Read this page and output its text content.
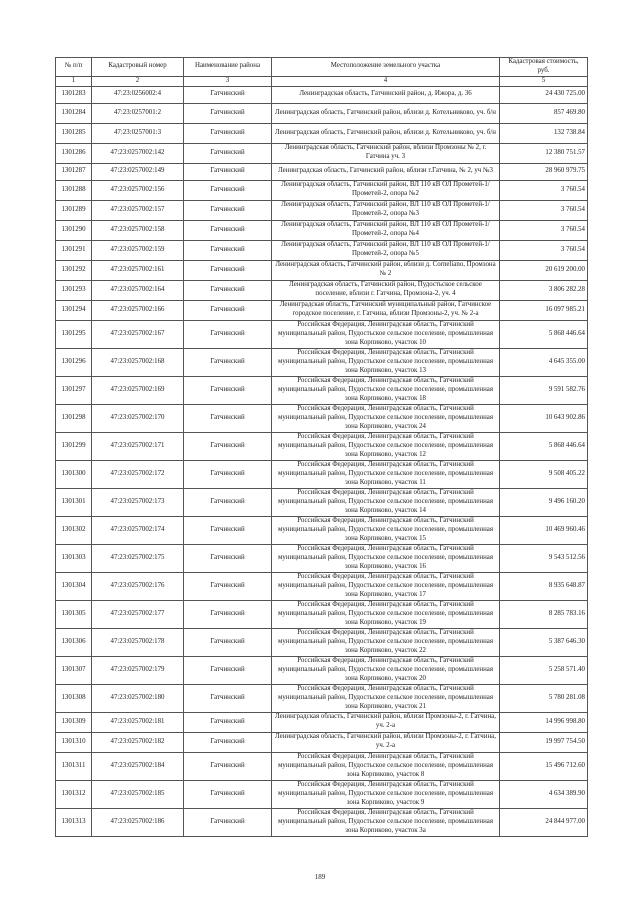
№ п/п	Кадастровый номер	Наименование района	Местоположение земельного участка	Кадастровая стоимость, руб.
1	2	3	4	5
1301283	47:23:0256002:4	Гатчинский	Ленинградская область, Гатчинский район, д. Ижора, д. 36	24 430 725.00
1301284	47:23:0257001:2	Гатчинский	Ленинградская область, Гатчинский район, вблизи д. Котельниково, уч. б/н	857 469.80
1301285	47:23:0257001:3	Гатчинский	Ленинградская область, Гатчинский район, вблизи д. Котельниково, уч. б/н	132 738.84
1301286	47:23:0257002:142	Гатчинский	Ленинградская область, Гатчинский район, вблизи Промзоны № 2, г. Гатчина уч. 3	12 380 751.57
1301287	47:23:0257002:149	Гатчинский	Ленинградская область, Гатчинский район, вблизи г.Гатчина, № 2, уч №3	28 960 979.75
1301288	47:23:0257002:156	Гатчинский	Ленинградская область, Гатчинский район, ВЛ 110 кВ ОЛ Прометей-1/Прометей-2, опора №2	3 760.54
1301289	47:23:0257002:157	Гатчинский	Ленинградская область, Гатчинский район, ВЛ 110 кВ ОЛ Прометей-1/Прометей-2, опора №3	3 760.54
1301290	47:23:0257002:158	Гатчинский	Ленинградская область, Гатчинский район, ВЛ 110 кВ ОЛ Прометей-1/Прометей-2, опора №4	3 760.54
1301291	47:23:0257002:159	Гатчинский	Ленинградская область, Гатчинский район, ВЛ 110 кВ ОЛ Прометей-1/Прометей-2, опора №5	3 760.54
1301292	47:23:0257002:161	Гатчинский	Ленинградская область, Гатчинский район, вблизи д. Corneliano, Промзона № 2	20 619 200.00
1301293	47:23:0257002:164	Гатчинский	Ленинградская область, Гатчинский район, Пудостьское сельское поселение, вблизи г. Гатчина, Промзона-2, уч. 4	3 806 282.28
1301294	47:23:0257002:166	Гатчинский	Ленинградская область, Гатчинский муниципальный район, Гатчинское городское поселение, г. Гатчина, вблизи Промзоны-2, уч. № 2-а	16 097 985.21
1301295	47:23:0257002:167	Гатчинский	Российская Федерация, Ленинградская область, Гатчинский муниципальный район, Пудостьское сельское поселение, промышленная зона Корпиково, участок 10	5 868 446.64
1301296	47:23:0257002:168	Гатчинский	Российская Федерация, Ленинградская область, Гатчинский муниципальный район, Пудостьское сельское поселение, промышленная зона Корпиково, участок 13	4 645 355.00
1301297	47:23:0257002:169	Гатчинский	Российская Федерация, Ленинградская область, Гатчинский муниципальный район, Пудостьское сельское поселение, промышленная зона Корпиково, участок 18	9 591 582.76
1301298	47:23:0257002:170	Гатчинский	Российская Федерация, Ленинградская область, Гатчинский муниципальный район, Пудостьское сельское поселение, промышленная зона Корпиково, участок 24	10 643 902.86
1301299	47:23:0257002:171	Гатчинский	Российская Федерация, Ленинградская область, Гатчинский муниципальный район, Пудостьское сельское поселение, промышленная зона Корпиково, участок 12	5 868 446.64
1301300	47:23:0257002:172	Гатчинский	Российская Федерация, Ленинградская область, Гатчинский муниципальный район, Пудостьское сельское поселение, промышленная зона Корпиково, участок 11	9 508 405.22
1301301	47:23:0257002:173	Гатчинский	Российская Федерация, Ленинградская область, Гатчинский муниципальный район, Пудостьское сельское поселение, промышленная зона Корпиково, участок 14	9 496 160.20
1301302	47:23:0257002:174	Гатчинский	Российская Федерация, Ленинградская область, Гатчинский муниципальный район, Пудостьское сельское поселение, промышленная зона Корпиково, участок 15	10 469 960.46
1301303	47:23:0257002:175	Гатчинский	Российская Федерация, Ленинградская область, Гатчинский муниципальный район, Пудостьское сельское поселение, промышленная зона Корпиково, участок 16	9 543 512.56
1301304	47:23:0257002:176	Гатчинский	Российская Федерация, Ленинградская область, Гатчинский муниципальный район, Пудостьское сельское поселение, промышленная зона Корпиково, участок 17	8 935 648.87
1301305	47:23:0257002:177	Гатчинский	Российская Федерация, Ленинградская область, Гатчинский муниципальный район, Пудостьское сельское поселение, промышленная зона Корпиково, участок 19	8 285 783.16
1301306	47:23:0257002:178	Гатчинский	Российская Федерация, Ленинградская область, Гатчинский муниципальный район, Пудостьское сельское поселение, промышленная зона Корпиково, участок 22	5 387 646.30
1301307	47:23:0257002:179	Гатчинский	Российская Федерация, Ленинградская область, Гатчинский муниципальный район, Пудостьское сельское поселение, промышленная зона Корпиково, участок 20	5 258 571.40
1301308	47:23:0257002:180	Гатчинский	Российская Федерация, Ленинградская область, Гатчинский муниципальный район, Пудостьское сельское поселение, промышленная зона Корпиково, участок 21	5 780 281.08
1301309	47:23:0257002:181	Гатчинский	Ленинградская область, Гатчинский район, вблизи Промзоны-2, г. Гатчина, уч. 2-а	14 996 998.80
1301310	47:23:0257002:182	Гатчинский	Ленинградская область, Гатчинский район, вблизи Промзоны-2, г. Гатчина, уч. 2-а	19 997 754.50
1301311	47:23:0257002:184	Гатчинский	Российская Федерация, Ленинградская область, Гатчинский муниципальный район, Пудостьское сельское поселение, промышленная зона Корпиково, участок 8	15 496 712.60
1301312	47:23:0257002:185	Гатчинский	Российская Федерация, Ленинградская область, Гатчинский муниципальный район, Пудостьское сельское поселение, промышленная зона Корпиково, участок 9	4 634 389.90
1301313	47:23:0257002:186	Гатчинский	Российская Федерация, Ленинградская область, Гатчинский муниципальный район, Пудостьское сельское поселение, промышленная зона Корпиково, участок 3а	24 844 977.00
189
